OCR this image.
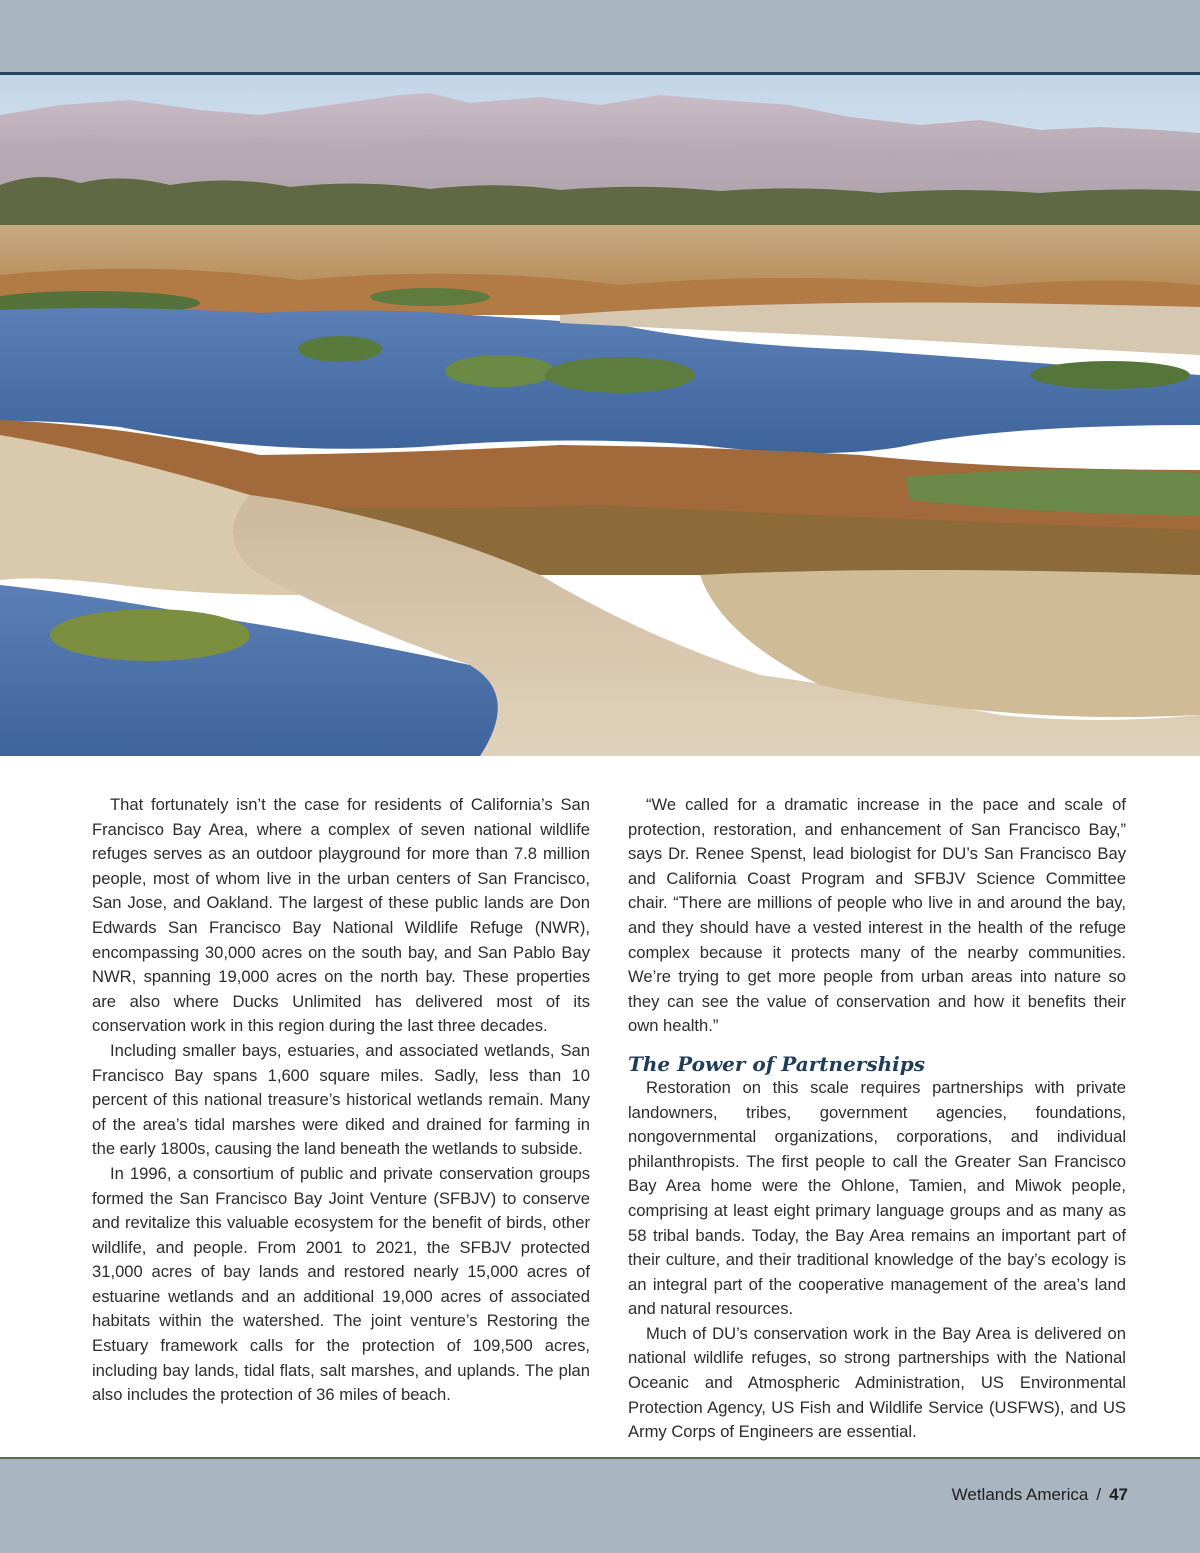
That fortunately isn’t the case for residents of California’s San Francisco Bay Area, where a complex of seven national wildlife refuges serves as an outdoor playground for more than 7.8 million people, most of whom live in the urban centers of San Francisco, San Jose, and Oakland. The largest of these public lands are Don Edwards San Francisco Bay National Wildlife Refuge (NWR), encompassing 30,000 acres on the south bay, and San Pablo Bay NWR, spanning 19,000 acres on the north bay. These properties are also where Ducks Unlimited has delivered most of its conservation work in this region during the last three decades.

Including smaller bays, estuaries, and associated wetlands, San Francisco Bay spans 1,600 square miles. Sadly, less than 10 percent of this national treasure’s historical wetlands remain. Many of the area’s tidal marshes were diked and drained for farming in the early 1800s, causing the land beneath the wetlands to subside.

In 1996, a consortium of public and private conservation groups formed the San Francisco Bay Joint Venture (SFBJV) to conserve and revitalize this valuable ecosystem for the benefit of birds, other wildlife, and people. From 2001 to 2021, the SFBJV protected 31,000 acres of bay lands and restored nearly 15,000 acres of estuarine wetlands and an additional 19,000 acres of associated habitats within the watershed. The joint venture’s Restoring the Estuary framework calls for the protection of 109,500 acres, including bay lands, tidal flats, salt marshes, and uplands. The plan also includes the protection of 36 miles of beach.

“We called for a dramatic increase in the pace and scale of protection, restoration, and enhancement of San Francisco Bay,” says Dr. Renee Spenst, lead biologist for DU’s San Francisco Bay and California Coast Program and SFBJV Science Committee chair. “There are millions of people who live in and around the bay, and they should have a vested interest in the health of the refuge complex because it protects many of the nearby communities. We’re trying to get more people from urban areas into nature so they can see the value of conservation and how it benefits their own health.”

The Power of Partnerships

Restoration on this scale requires partnerships with private landowners, tribes, government agencies, foundations, nongovernmental organizations, corporations, and individual philanthropists. The first people to call the Greater San Francisco Bay Area home were the Ohlone, Tamien, and Miwok people, comprising at least eight primary language groups and as many as 58 tribal bands. Today, the Bay Area remains an important part of their culture, and their traditional knowledge of the bay’s ecology is an integral part of the cooperative management of the area’s land and natural resources.

Much of DU’s conservation work in the Bay Area is delivered on national wildlife refuges, so strong partnerships with the National Oceanic and Atmospheric Administration, US Environmental Protection Agency, US Fish and Wildlife Service (USFWS), and US Army Corps of Engineers are essential.

Wetlands America / 47
